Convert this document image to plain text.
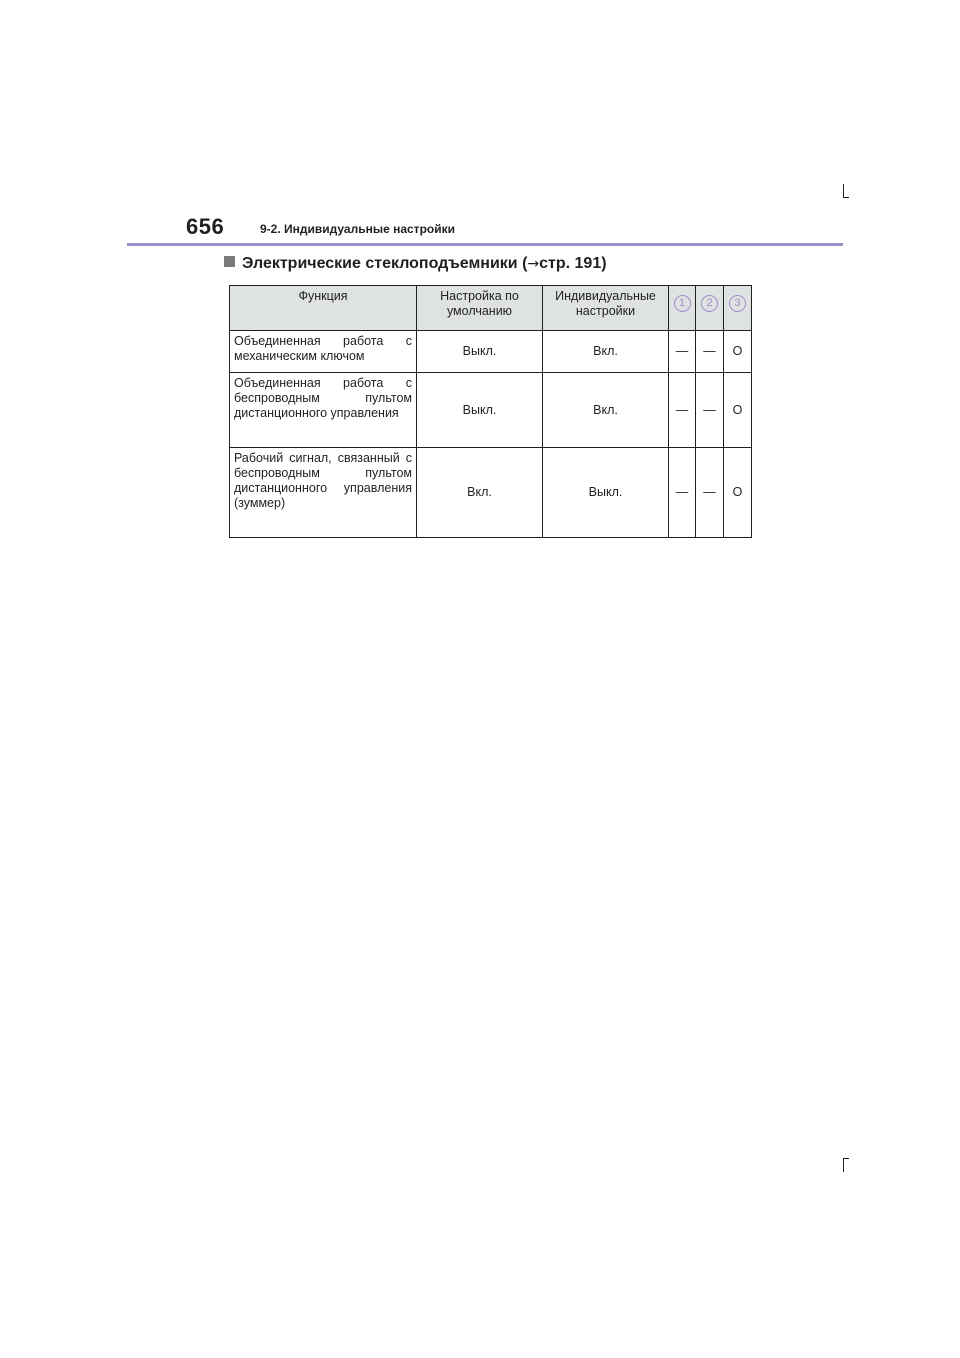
656	9-2. Индивидуальные настройки
Электрические стеклоподъемники (→стр. 191)
Функция	Настройка по умолчанию	Индивидуальные настройки	1	2	3
Объединенная работа с механическим ключом	Выкл.	Вкл.	—	—	O
Объединенная работа с беспроводным пультом дистанционного управления	Выкл.	Вкл.	—	—	O
Рабочий сигнал, связанный с беспроводным пультом дистанционного управления (зуммер)	Вкл.	Выкл.	—	—	O
